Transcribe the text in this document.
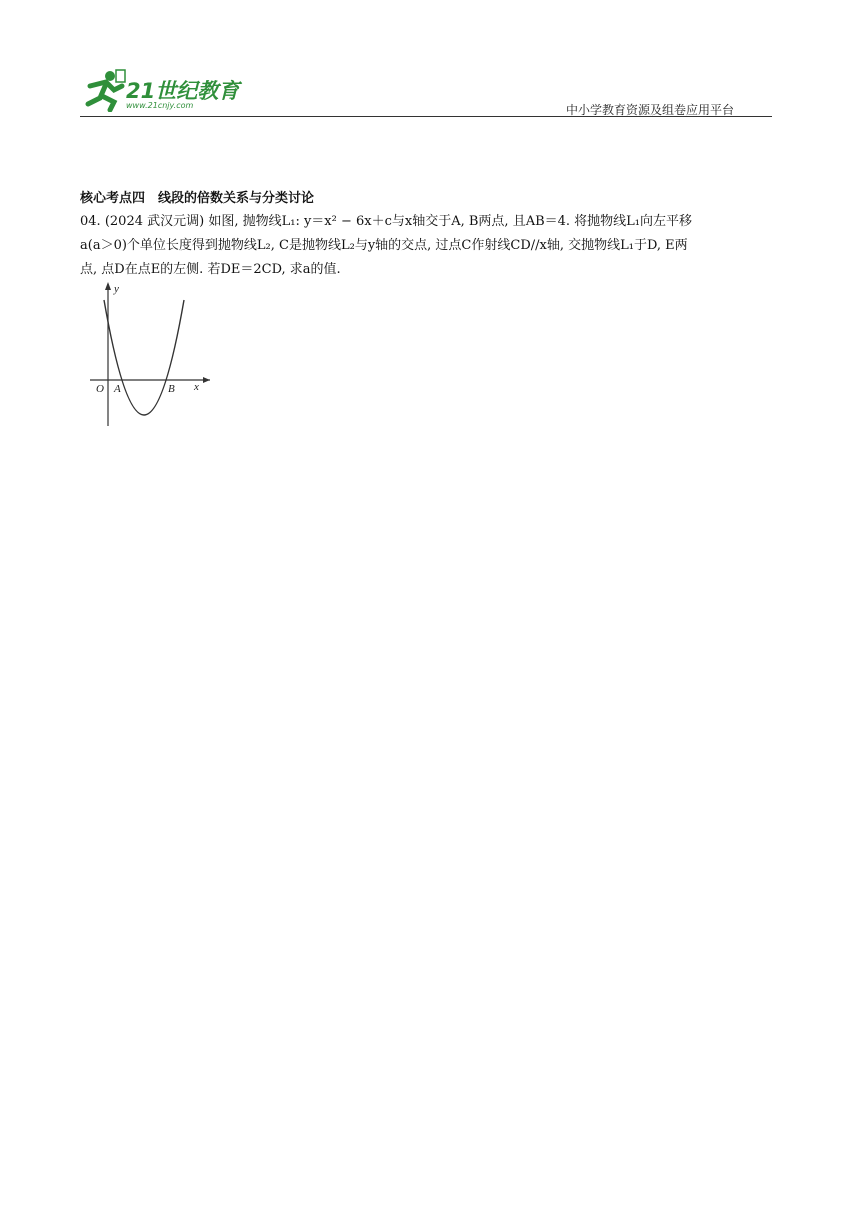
21世纪教育
www.21cnjy.com	中小学教育资源及组卷应用平台
核心考点四　线段的倍数关系与分类讨论
04. (2024 武汉元调) 如图, 抛物线L₁: y＝x² − 6x＋c与x轴交于A, B两点, 且AB＝4. 将抛物线L₁向左平移
a(a＞0)个单位长度得到抛物线L₂, C是抛物线L₂与y轴的交点, 过点C作射线CD//x轴, 交抛物线L₁于D, E两
点, 点D在点E的左侧. 若DE＝2CD, 求a的值.
y
x
O A	B
